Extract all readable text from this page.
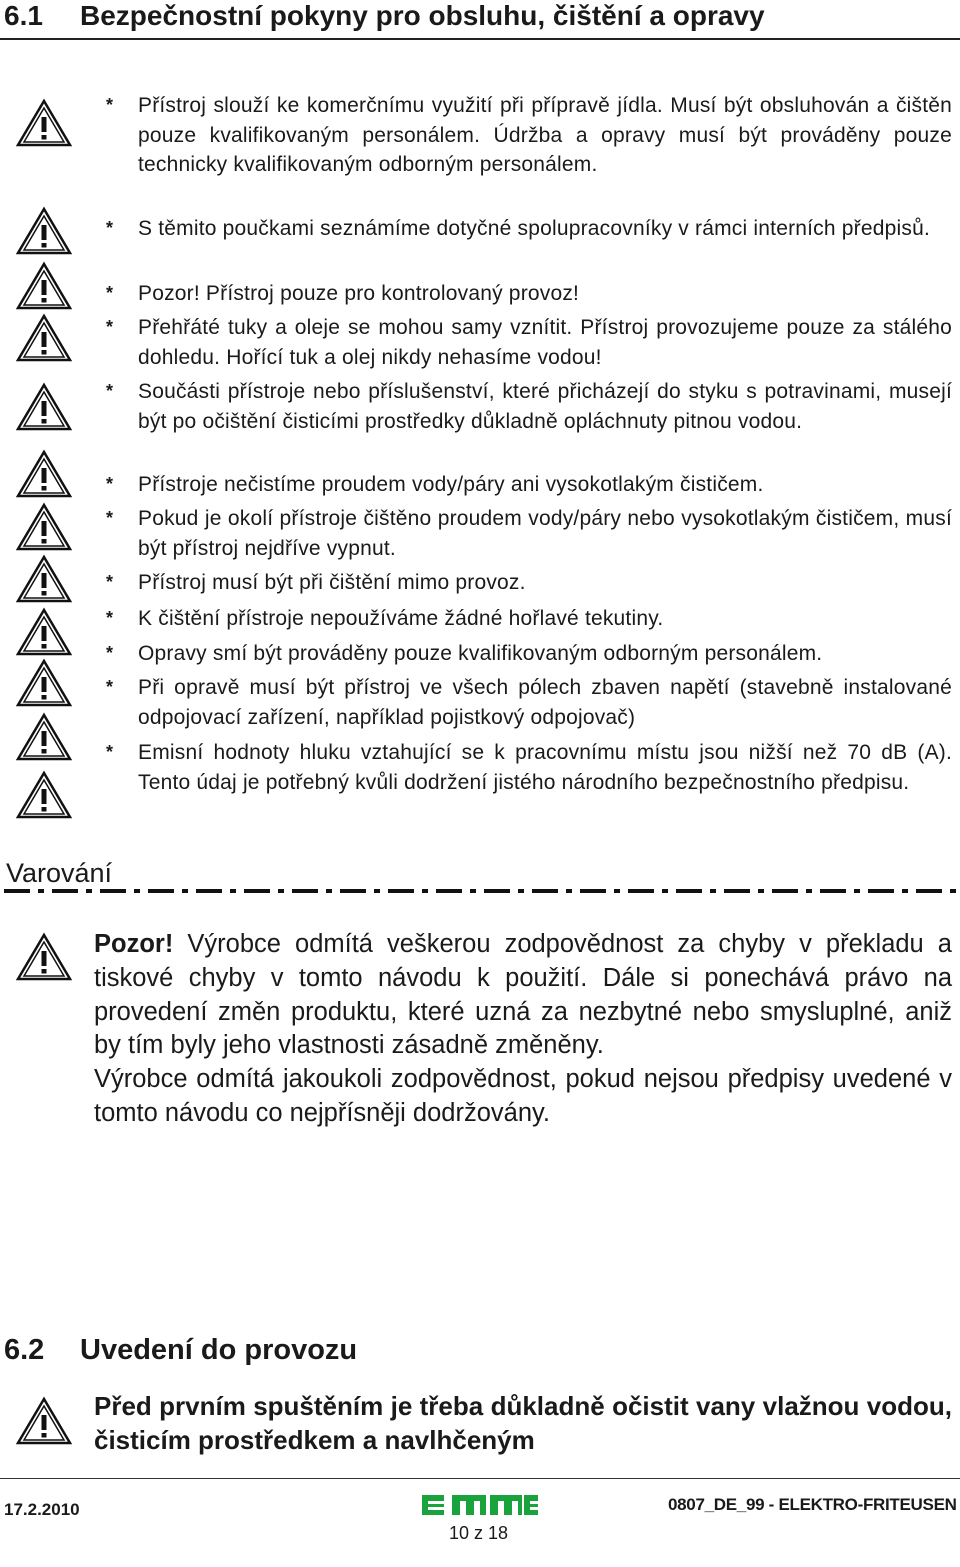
6.1 Bezpečnostní pokyny pro obsluhu, čištění a opravy
* Přístroj slouží ke komerčnímu využití při přípravě jídla. Musí být obsluhován a čištěn pouze kvalifikovaným personálem. Údržba a opravy musí být prováděny pouze technicky kvalifikovaným odborným personálem.
* S těmito poučkami seznámíme dotyčné spolupracovníky v rámci interních předpisů.
* Pozor! Přístroj pouze pro kontrolovaný provoz!
* Přehřáté tuky a oleje se mohou samy vznítit. Přístroj provozujeme pouze za stálého dohledu. Hořící tuk a olej nikdy nehasíme vodou!
* Součásti přístroje nebo příslušenství, které přicházejí do styku s potravinami, musejí být po očištění čisticími prostředky důkladně opláchnuty pitnou vodou.
* Přístroje nečistíme proudem vody/páry ani vysokotlakým čističem.
* Pokud je okolí přístroje čištěno proudem vody/páry nebo vysokotlakým čističem, musí být přístroj nejdříve vypnut.
* Přístroj musí být při čištění mimo provoz.
* K čištění přístroje nepoužíváme žádné hořlavé tekutiny.
* Opravy smí být prováděny pouze kvalifikovaným odborným personálem.
* Při opravě musí být přístroj ve všech pólech zbaven napětí (stavebně instalované odpojovací zařízení, například pojistkový odpojovač)
* Emisní hodnoty hluku vztahující se k pracovnímu místu jsou nižší než 70 dB (A). Tento údaj je potřebný kvůli dodržení jistého národního bezpečnostního předpisu.
Varování

Pozor! Výrobce odmítá veškerou zodpovědnost za chyby v překladu a tiskové chyby v tomto návodu k použití. Dále si ponechává právo na provedení změn produktu, které uzná za nezbytné nebo smysluplné, aniž by tím byly jeho vlastnosti zásadně změněny.

Výrobce odmítá jakoukoli zodpovědnost, pokud nejsou předpisy uvedené v tomto návodu co nejpřísněji dodržovány.

6.2 Uvedení do provozu
Před prvním spuštěním je třeba důkladně očistit vany vlažnou vodou, čisticím prostředkem a navlhčeným
17.2.2010
10 z 18
0807_DE_99 - ELEKTRO-FRITEUSEN
